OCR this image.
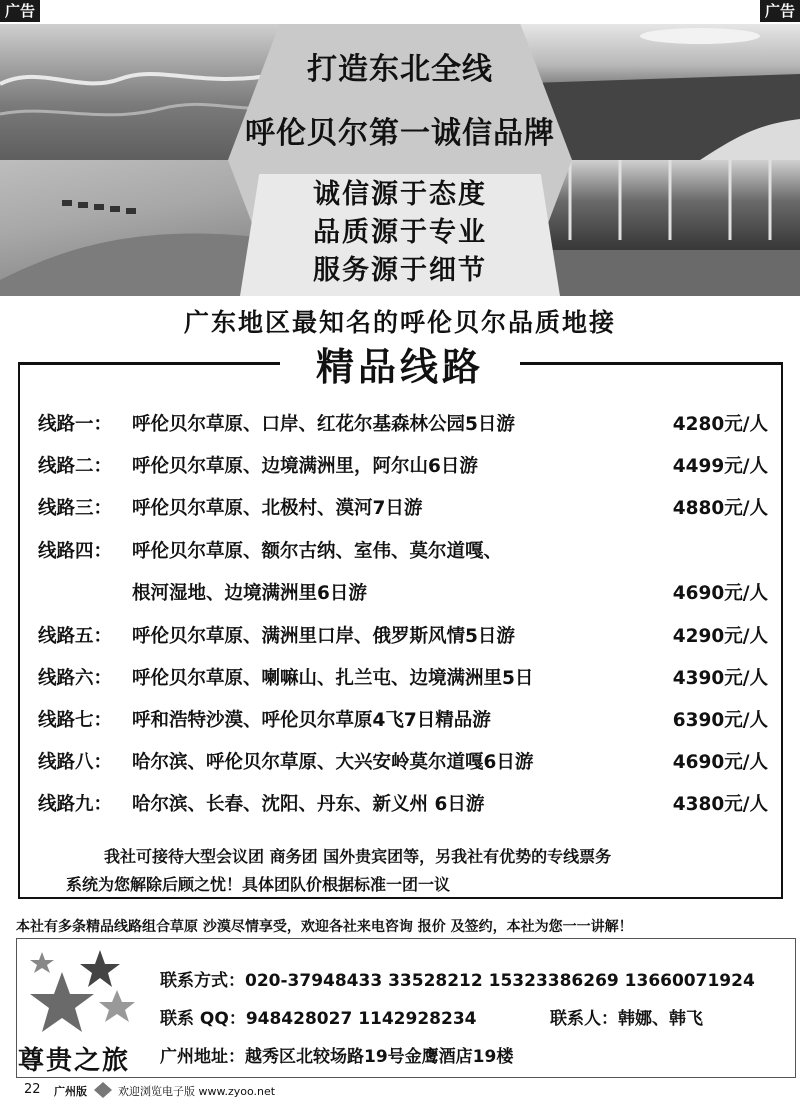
广告	广告
打造东北全线
呼伦贝尔第一诚信品牌
诚信源于态度
品质源于专业
服务源于细节
广东地区最知名的呼伦贝尔品质地接
精品线路
线路一： 呼伦贝尔草原、口岸、红花尔基森林公园5日游	4280元/人
线路二： 呼伦贝尔草原、边境满洲里，阿尔山6日游	4499元/人
线路三： 呼伦贝尔草原、北极村、漠河7日游	4880元/人
线路四： 呼伦贝尔草原、额尔古纳、室伟、莫尔道嘎、
根河湿地、边境满洲里6日游	4690元/人
线路五： 呼伦贝尔草原、满洲里口岸、俄罗斯风情5日游	4290元/人
线路六： 呼伦贝尔草原、喇嘛山、扎兰屯、边境满洲里5日	4390元/人
线路七： 呼和浩特沙漠、呼伦贝尔草原4飞7日精品游	6390元/人
线路八： 哈尔滨、呼伦贝尔草原、大兴安岭莫尔道嘎6日游	4690元/人
线路九： 哈尔滨、长春、沈阳、丹东、新义州 6日游	4380元/人
我社可接待大型会议团 商务团 国外贵宾团等，另我社有优势的专线票务
系统为您解除后顾之忧！具体团队价根据标准一团一议
本社有多条精品线路组合草原 沙漠尽情享受，欢迎各社来电咨询 报价 及签约，本社为您一一讲解！
尊贵之旅
联系方式：020-37948433 33528212 15323386269 13660071924
联系 QQ：948428027 1142928234	联系人：韩娜、韩飞
广州地址：越秀区北较场路19号金鹰酒店19楼
22 广州版	欢迎浏览电子版 www.zyoo.net
